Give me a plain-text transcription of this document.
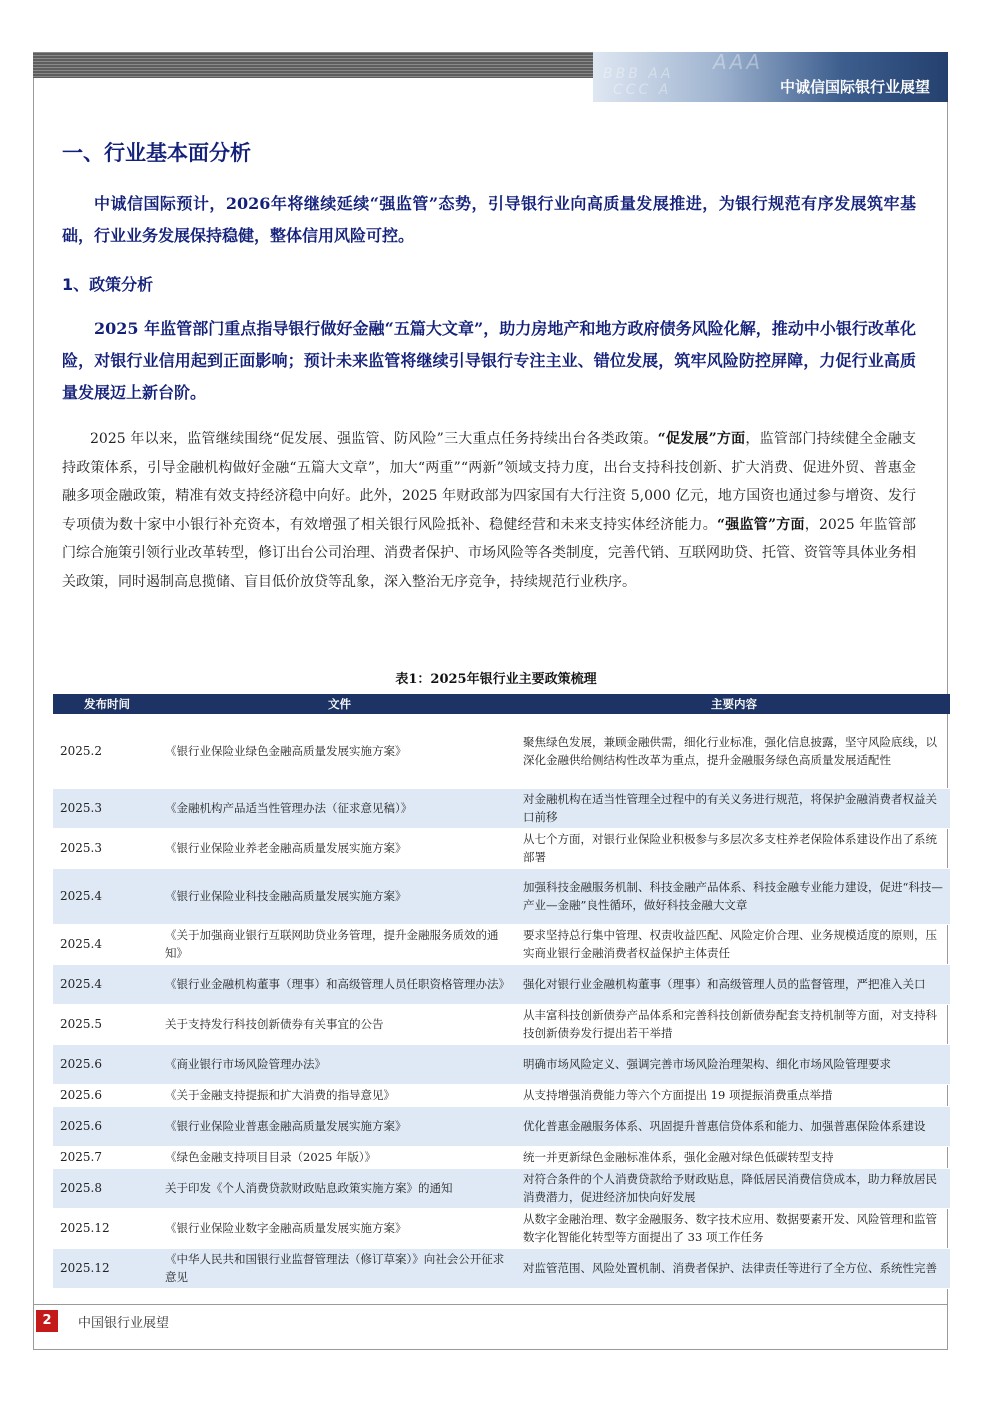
AAA
BBB AA
CCC A	中诚信国际银行业展望
一、行业基本面分析
中诚信国际预计，2026年将继续延续“强监管”态势，引导银行业向高质量发展推进，为银行规范有序发展筑牢基础，行业业务发展保持稳健，整体信用风险可控。
1、政策分析
2025 年监管部门重点指导银行做好金融“五篇大文章”，助力房地产和地方政府债务风险化解，推动中小银行改革化险，对银行业信用起到正面影响；预计未来监管将继续引导银行专注主业、错位发展，筑牢风险防控屏障，力促行业高质量发展迈上新台阶。
2025 年以来，监管继续围绕“促发展、强监管、防风险”三大重点任务持续出台各类政策。“促发展”方面，监管部门持续健全金融支持政策体系，引导金融机构做好金融“五篇大文章”，加大“两重”“两新”领域支持力度，出台支持科技创新、扩大消费、促进外贸、普惠金融多项金融政策，精准有效支持经济稳中向好。此外，2025 年财政部为四家国有大行注资 5,000 亿元，地方国资也通过参与增资、发行专项债为数十家中小银行补充资本，有效增强了相关银行风险抵补、稳健经营和未来支持实体经济能力。“强监管”方面，2025 年监管部门综合施策引领行业改革转型，修订出台公司治理、消费者保护、市场风险等各类制度，完善代销、互联网助贷、托管、资管等具体业务相关政策，同时遏制高息揽储、盲目低价放贷等乱象，深入整治无序竞争，持续规范行业秩序。
表1：2025年银行业主要政策梳理
发布时间	文件	主要内容
2025.2	《银行业保险业绿色金融高质量发展实施方案》	聚焦绿色发展，兼顾金融供需，细化行业标准，强化信息披露，坚守风险底线，以深化金融供给侧结构性改革为重点，提升金融服务绿色高质量发展适配性
2025.3	《金融机构产品适当性管理办法（征求意见稿）》	对金融机构在适当性管理全过程中的有关义务进行规范，将保护金融消费者权益关口前移
2025.3	《银行业保险业养老金融高质量发展实施方案》	从七个方面，对银行业保险业积极参与多层次多支柱养老保险体系建设作出了系统部署
2025.4	《银行业保险业科技金融高质量发展实施方案》	加强科技金融服务机制、科技金融产品体系、科技金融专业能力建设，促进“科技—产业—金融”良性循环，做好科技金融大文章
2025.4	《关于加强商业银行互联网助贷业务管理，提升金融服务质效的通知》	要求坚持总行集中管理、权责收益匹配、风险定价合理、业务规模适度的原则，压实商业银行金融消费者权益保护主体责任
2025.4	《银行业金融机构董事（理事）和高级管理人员任职资格管理办法》	强化对银行业金融机构董事（理事）和高级管理人员的监督管理，严把准入关口
2025.5	关于支持发行科技创新债券有关事宜的公告	从丰富科技创新债券产品体系和完善科技创新债券配套支持机制等方面，对支持科技创新债券发行提出若干举措
2025.6	《商业银行市场风险管理办法》	明确市场风险定义、强调完善市场风险治理架构、细化市场风险管理要求
2025.6	《关于金融支持提振和扩大消费的指导意见》	从支持增强消费能力等六个方面提出 19 项提振消费重点举措
2025.6	《银行业保险业普惠金融高质量发展实施方案》	优化普惠金融服务体系、巩固提升普惠信贷体系和能力、加强普惠保险体系建设
2025.7	《绿色金融支持项目目录（2025 年版）》	统一并更新绿色金融标准体系，强化金融对绿色低碳转型支持
2025.8	关于印发《个人消费贷款财政贴息政策实施方案》的通知	对符合条件的个人消费贷款给予财政贴息，降低居民消费信贷成本，助力释放居民消费潜力，促进经济加快向好发展
2025.12	《银行业保险业数字金融高质量发展实施方案》	从数字金融治理、数字金融服务、数字技术应用、数据要素开发、风险管理和监管数字化智能化转型等方面提出了 33 项工作任务
2025.12	《中华人民共和国银行业监督管理法（修订草案）》向社会公开征求意见	对监管范围、风险处置机制、消费者保护、法律责任等进行了全方位、系统性完善
2	中国银行业展望
